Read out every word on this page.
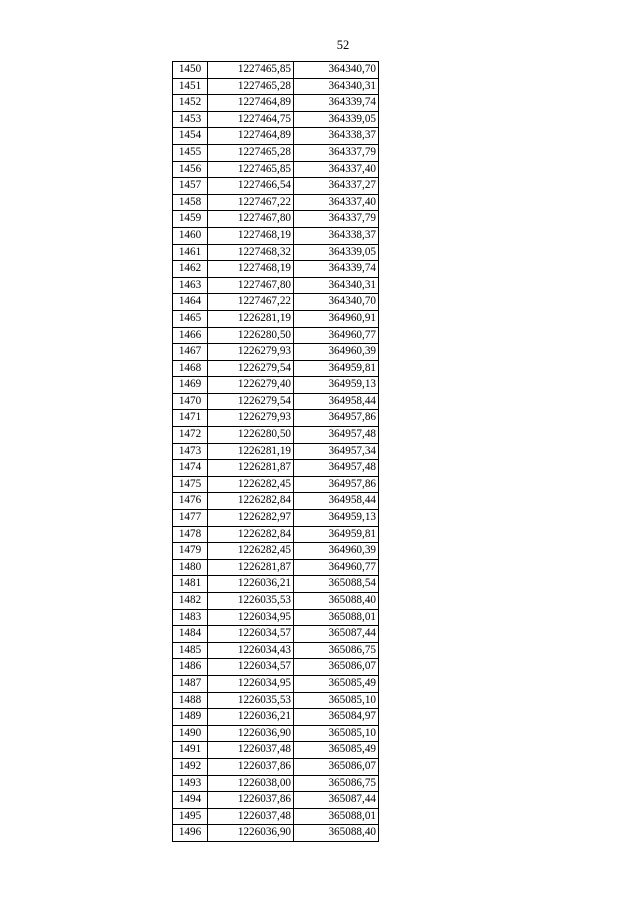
52
1450	1227465,85	364340,70
1451	1227465,28	364340,31
1452	1227464,89	364339,74
1453	1227464,75	364339,05
1454	1227464,89	364338,37
1455	1227465,28	364337,79
1456	1227465,85	364337,40
1457	1227466,54	364337,27
1458	1227467,22	364337,40
1459	1227467,80	364337,79
1460	1227468,19	364338,37
1461	1227468,32	364339,05
1462	1227468,19	364339,74
1463	1227467,80	364340,31
1464	1227467,22	364340,70
1465	1226281,19	364960,91
1466	1226280,50	364960,77
1467	1226279,93	364960,39
1468	1226279,54	364959,81
1469	1226279,40	364959,13
1470	1226279,54	364958,44
1471	1226279,93	364957,86
1472	1226280,50	364957,48
1473	1226281,19	364957,34
1474	1226281,87	364957,48
1475	1226282,45	364957,86
1476	1226282,84	364958,44
1477	1226282,97	364959,13
1478	1226282,84	364959,81
1479	1226282,45	364960,39
1480	1226281,87	364960,77
1481	1226036,21	365088,54
1482	1226035,53	365088,40
1483	1226034,95	365088,01
1484	1226034,57	365087,44
1485	1226034,43	365086,75
1486	1226034,57	365086,07
1487	1226034,95	365085,49
1488	1226035,53	365085,10
1489	1226036,21	365084,97
1490	1226036,90	365085,10
1491	1226037,48	365085,49
1492	1226037,86	365086,07
1493	1226038,00	365086,75
1494	1226037,86	365087,44
1495	1226037,48	365088,01
1496	1226036,90	365088,40
